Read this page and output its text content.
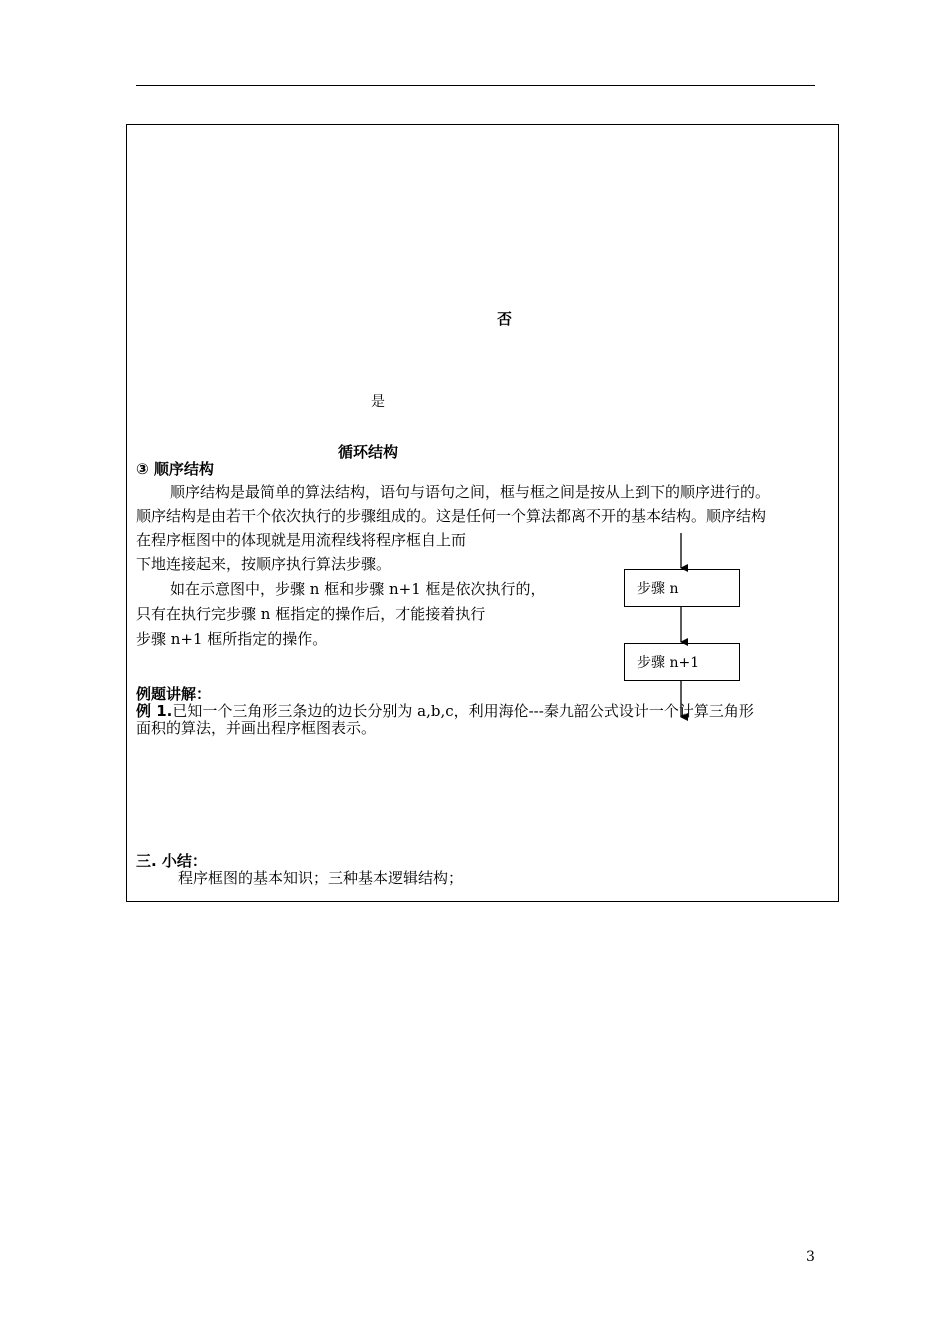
否
是
循环结构
③ 顺序结构
顺序结构是最简单的算法结构，语句与语句之间，框与框之间是按从上到下的顺序进行的。
顺序结构是由若干个依次执行的步骤组成的。这是任何一个算法都离不开的基本结构。顺序结构
在程序框图中的体现就是用流程线将程序框自上而
下地连接起来，按顺序执行算法步骤。
如在示意图中，步骤 n 框和步骤 n+1 框是依次执行的，
只有在执行完步骤 n 框指定的操作后，才能接着执行
步骤 n+1 框所指定的操作。
步骤 n
步骤 n+1
例题讲解：
例 1.已知一个三角形三条边的边长分别为 a,b,c，利用海伦---秦九韶公式设计一个计算三角形
面积的算法，并画出程序框图表示。
三. 小结：
程序框图的基本知识；三种基本逻辑结构；
3
